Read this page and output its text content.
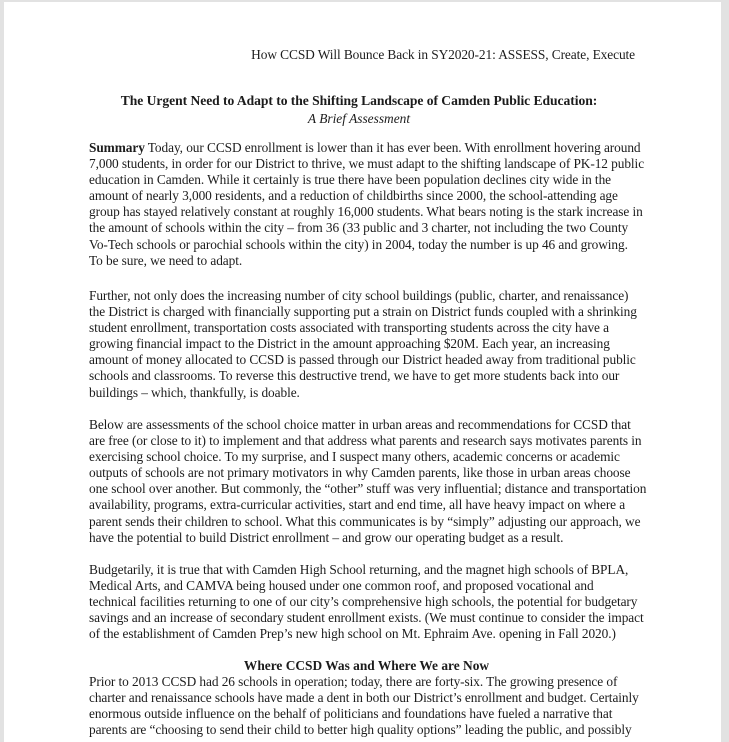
How CCSD Will Bounce Back in SY2020-21: ASSESS, Create, Execute

The Urgent Need to Adapt to the Shifting Landscape of Camden Public Education:

A Brief Assessment

Summary Today, our CCSD enrollment is lower than it has ever been. With enrollment hovering around
7,000 students, in order for our District to thrive, we must adapt to the shifting landscape of PK-12 public
education in Camden. While it certainly is true there have been population declines city wide in the
amount of nearly 3,000 residents, and a reduction of childbirths since 2000, the school-attending age
group has stayed relatively constant at roughly 16,000 students. What bears noting is the stark increase in
the amount of schools within the city – from 36 (33 public and 3 charter, not including the two County
Vo-Tech schools or parochial schools within the city) in 2004, today the number is up 46 and growing.
To be sure, we need to adapt.

Further, not only does the increasing number of city school buildings (public, charter, and renaissance)
the District is charged with financially supporting put a strain on District funds coupled with a shrinking
student enrollment, transportation costs associated with transporting students across the city have a
growing financial impact to the District in the amount approaching $20M. Each year, an increasing
amount of money allocated to CCSD is passed through our District headed away from traditional public
schools and classrooms. To reverse this destructive trend, we have to get more students back into our
buildings – which, thankfully, is doable.

Below are assessments of the school choice matter in urban areas and recommendations for CCSD that
are free (or close to it) to implement and that address what parents and research says motivates parents in
exercising school choice. To my surprise, and I suspect many others, academic concerns or academic
outputs of schools are not primary motivators in why Camden parents, like those in urban areas choose
one school over another. But commonly, the “other” stuff was very influential; distance and transportation
availability, programs, extra-curricular activities, start and end time, all have heavy impact on where a
parent sends their children to school. What this communicates is by “simply” adjusting our approach, we
have the potential to build District enrollment – and grow our operating budget as a result.

Budgetarily, it is true that with Camden High School returning, and the magnet high schools of BPLA,
Medical Arts, and CAMVA being housed under one common roof, and proposed vocational and
technical facilities returning to one of our city’s comprehensive high schools, the potential for budgetary
savings and an increase of secondary student enrollment exists. (We must continue to consider the impact
of the establishment of Camden Prep’s new high school on Mt. Ephraim Ave. opening in Fall 2020.)

Where CCSD Was and Where We are Now

Prior to 2013 CCSD had 26 schools in operation; today, there are forty-six. The growing presence of
charter and renaissance schools have made a dent in both our District’s enrollment and budget. Certainly
enormous outside influence on the behalf of politicians and foundations have fueled a narrative that
parents are “choosing to send their child to better high quality options” leading the public, and possibly
